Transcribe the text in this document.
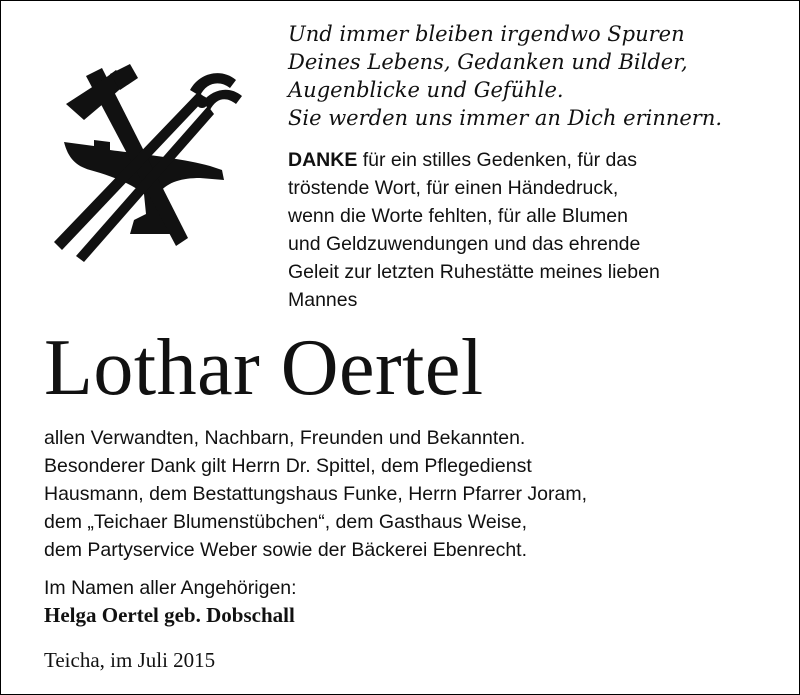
Und immer bleiben irgendwo Spuren
Deines Lebens, Gedanken und Bilder,
Augenblicke und Gefühle.
Sie werden uns immer an Dich erinnern.
DANKE für ein stilles Gedenken, für das
tröstende Wort, für einen Händedruck,
wenn die Worte fehlten, für alle Blumen
und Geldzuwendungen und das ehrende
Geleit zur letzten Ruhestätte meines lieben
Mannes
Lothar Oertel
allen Verwandten, Nachbarn, Freunden und Bekannten.
Besonderer Dank gilt Herrn Dr. Spittel, dem Pflegedienst
Hausmann, dem Bestattungshaus Funke, Herrn Pfarrer Joram,
dem „Teichaer Blumenstübchen“, dem Gasthaus Weise,
dem Partyservice Weber sowie der Bäckerei Ebenrecht.
Im Namen aller Angehörigen:
Helga Oertel geb. Dobschall
Teicha, im Juli 2015
